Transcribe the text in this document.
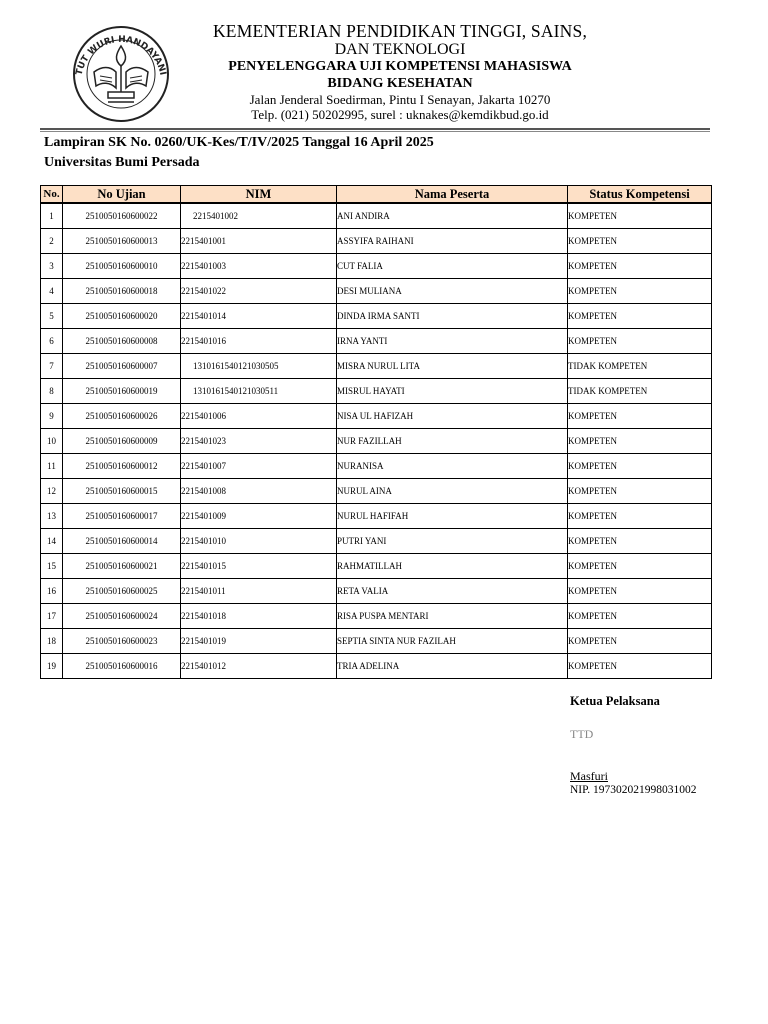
TUT WURI HANDAYANI
KEMENTERIAN PENDIDIKAN TINGGI, SAINS,
DAN TEKNOLOGI
PENYELENGGARA UJI KOMPETENSI MAHASISWA
BIDANG KESEHATAN
Jalan Jenderal Soedirman, Pintu I Senayan, Jakarta 10270
Telp. (021) 50202995, surel : uknakes@kemdikbud.go.id
Lampiran SK No. 0260/UK-Kes/T/IV/2025 Tanggal 16 April 2025
Universitas Bumi Persada
No.	No Ujian	NIM	Nama Peserta	Status Kompetensi
1	2510050160600022	2215401002	ANI ANDIRA	KOMPETEN
2	2510050160600013	2215401001	ASSYIFA RAIHANI	KOMPETEN
3	2510050160600010	2215401003	CUT FALIA	KOMPETEN
4	2510050160600018	2215401022	DESI MULIANA	KOMPETEN
5	2510050160600020	2215401014	DINDA IRMA SANTI	KOMPETEN
6	2510050160600008	2215401016	IRNA YANTI	KOMPETEN
7	2510050160600007	1310161540121030505	MISRA NURUL LITA	TIDAK KOMPETEN
8	2510050160600019	1310161540121030511	MISRUL HAYATI	TIDAK KOMPETEN
9	2510050160600026	2215401006	NISA UL HAFIZAH	KOMPETEN
10	2510050160600009	2215401023	NUR FAZILLAH	KOMPETEN
11	2510050160600012	2215401007	NURANISA	KOMPETEN
12	2510050160600015	2215401008	NURUL AINA	KOMPETEN
13	2510050160600017	2215401009	NURUL HAFIFAH	KOMPETEN
14	2510050160600014	2215401010	PUTRI YANI	KOMPETEN
15	2510050160600021	2215401015	RAHMATILLAH	KOMPETEN
16	2510050160600025	2215401011	RETA VALIA	KOMPETEN
17	2510050160600024	2215401018	RISA PUSPA MENTARI	KOMPETEN
18	2510050160600023	2215401019	SEPTIA SINTA NUR FAZILAH	KOMPETEN
19	2510050160600016	2215401012	TRIA ADELINA	KOMPETEN
Ketua Pelaksana
TTD
Masfuri
NIP. 197302021998031002
